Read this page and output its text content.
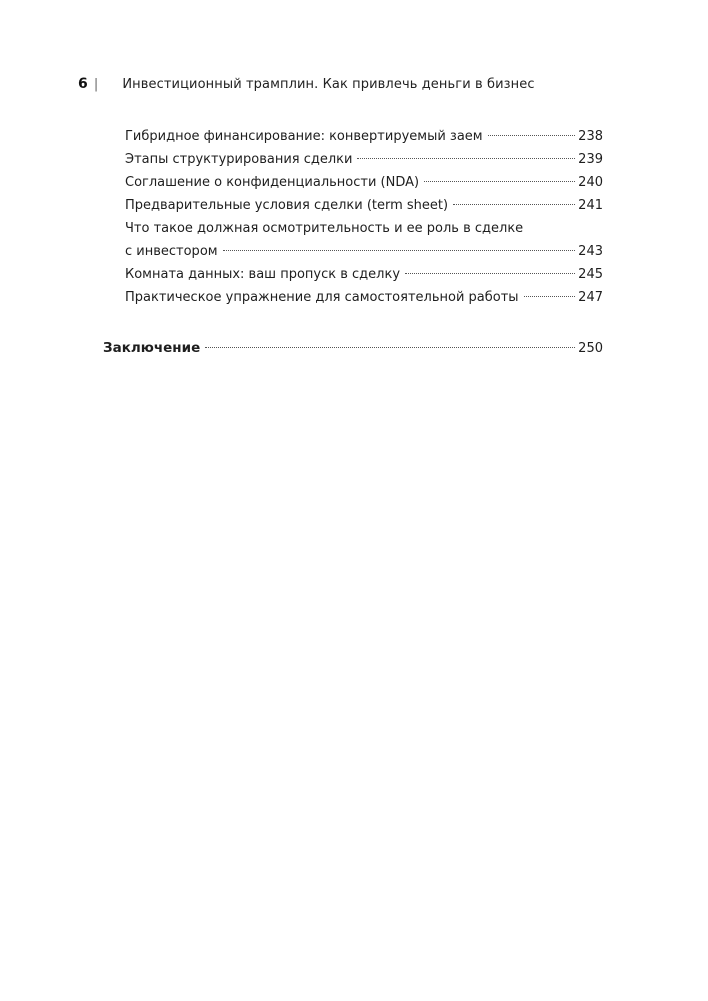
6 | Инвестиционный трамплин. Как привлечь деньги в бизнес
Гибридное финансирование: конвертируемый заем	238
Этапы структурирования сделки	239
Соглашение о конфиденциальности (NDA)	240
Предварительные условия сделки (term sheet)	241
Что такое должная осмотрительность и ее роль в сделке
с инвестором	243
Комната данных: ваш пропуск в сделку	245
Практическое упражнение для самостоятельной работы	247
Заключение	250
